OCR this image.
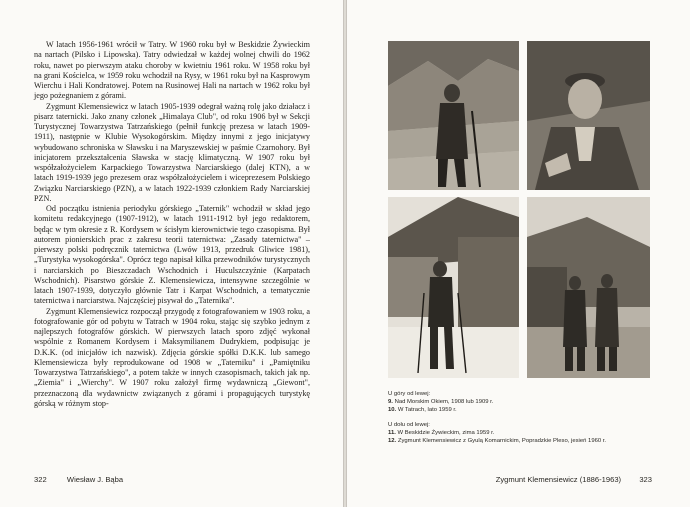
W latach 1956-1961 wrócił w Tatry. W 1960 roku był w Beskidzie Żywieckim na nartach (Pilsko i Lipowska). Tatry odwiedzał w każdej wolnej chwili do 1962 roku, nawet po pierwszym ataku choroby w kwietniu 1961 roku. W 1958 roku był na grani Kościelca, w 1959 roku wchodził na Rysy, w 1961 roku był na Kasprowym Wierchu i Hali Kondratowej. Potem na Rusinowej Hali na nartach w 1962 roku był jego pożegnaniem z górami.

Zygmunt Klemensiewicz w latach 1905-1939 odegrał ważną rolę jako działacz i pisarz taternicki. Jako znany członek „Himalaya Club", od roku 1906 był w Sekcji Turystycznej Towarzystwa Tatrzańskiego (pełnił funkcję prezesa w latach 1909-1911), następnie w Klubie Wysokogórskim. Między innymi z jego inicjatywy wybudowano schroniska w Sławsku i na Maryszewskiej w paśmie Czarnohory. Był inicjatorem przekształcenia Sławska w stację klimatyczną. W 1907 roku był współzałożycielem Karpackiego Towarzystwa Narciarskiego (dalej KTN), a w latach 1919-1939 jego prezesem oraz współzałożycielem i wiceprezesem Polskiego Związku Narciarskiego (PZN), a w latach 1922-1939 członkiem Rady Narciarskiej PZN.

Od początku istnienia periodyku górskiego „Taternik" wchodził w skład jego komitetu redakcyjnego (1907-1912), w latach 1911-1912 był jego redaktorem, będąc w tym okresie z R. Kordysem w ścisłym kierownictwie tego czasopisma. Był autorem pionierskich prac z zakresu teorii taternictwa: „Zasady taternictwa" – pierwszy polski podręcznik taternictwa (Lwów 1913, przedruk Gliwice 1981), „Turystyka wysokogórska". Oprócz tego napisał kilka przewodników turystycznych i narciarskich po Bieszczadach Wschodnich i Huculszczyźnie (Karpatach Wschodnich). Pisarstwo górskie Z. Klemensiewicza, intensywne szczególnie w latach 1907-1939, dotyczyło głównie Tatr i Karpat Wschodnich, a tematycznie taternictwa i narciarstwa. Najczęściej pisywał do „Taternika".

Zygmunt Klemensiewicz rozpoczął przygodę z fotografowaniem w 1903 roku, a fotografowanie gór od pobytu w Tatrach w 1904 roku, stając się szybko jednym z najlepszych fotografów górskich. W pierwszych latach sporo zdjęć wykonał wspólnie z Romanem Kordysem i Maksymilianem Dudrykiem, podpisując je D.K.K. (od inicjałów ich nazwisk). Zdjęcia górskie spółki D.K.K. lub samego Klemensiewicza były reprodukowane od 1908 w „Taterniku" i „Pamiętniku Towarzystwa Tatrzańskiego", a potem także w innych czasopismach, takich jak np. „Ziemia" i „Wierchy". W 1907 roku założył firmę wydawniczą „Giewont", przeznaczoną dla wydawnictw związanych z górami i propagujących turystykę górską w różnym stop-

322	Wiesław J. Bąba	Zygmunt Klemensiewicz (1886-1963) 323
U góry od lewej:
9. Nad Morskim Okiem, 1908 lub 1909 r.
10. W Tatrach, lato 1959 r.
U dołu od lewej:
11. W Beskidzie Żywieckim, zima 1959 r.
12. Zygmunt Klemensiewicz z Gyulą Komarnickim, Popradzkie Pleso, jesień 1960 r.
